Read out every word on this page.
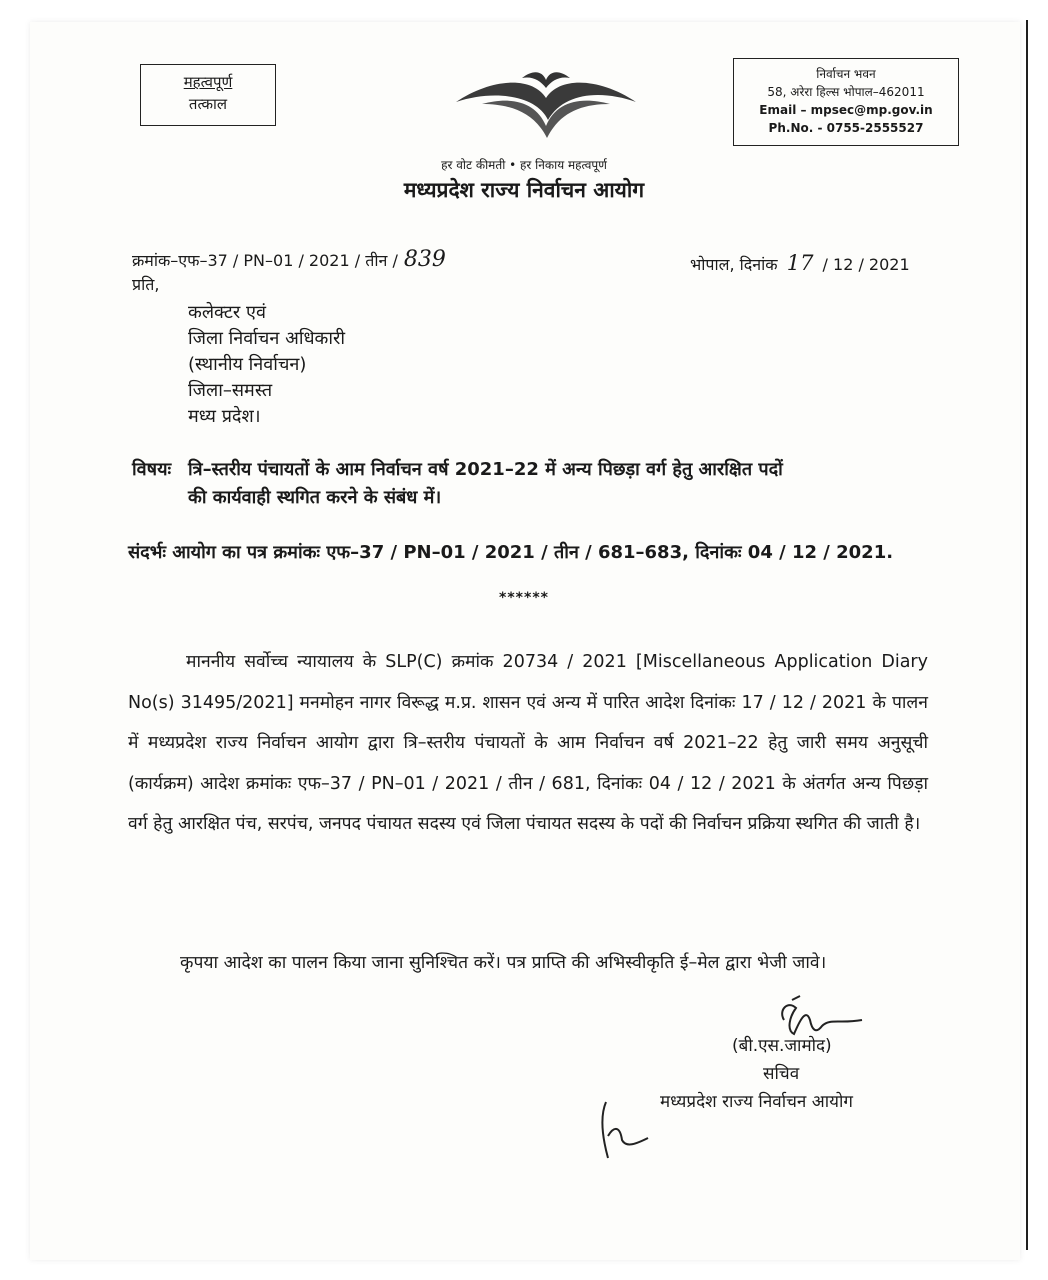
महत्वपूर्ण
तत्काल
निर्वाचन भवन
58, अरेरा हिल्स भोपाल–462011
Email – mpsec@mp.gov.in
Ph.No. - 0755-2555527
हर वोट कीमती • हर निकाय महत्वपूर्ण
मध्यप्रदेश राज्य निर्वाचन आयोग
क्रमांक–एफ–37 / PN–01 / 2021 / तीन / 839	भोपाल, दिनांक 17 / 12 / 2021
प्रति,
कलेक्टर एवं
जिला निर्वाचन अधिकारी
(स्थानीय निर्वाचन)
जिला–समस्त
मध्य प्रदेश।
विषयः त्रि–स्तरीय पंचायतों के आम निर्वाचन वर्ष 2021–22 में अन्य पिछड़ा वर्ग हेतु आरक्षित पदों
की कार्यवाही स्थगित करने के संबंध में।
संदर्भः आयोग का पत्र क्रमांकः एफ–37 / PN–01 / 2021 / तीन / 681–683, दिनांकः 04 / 12 / 2021.
******
माननीय सर्वोच्च न्यायालय के SLP(C) क्रमांक 20734 / 2021 [Miscellaneous Application Diary No(s) 31495/2021] मनमोहन नागर विरूद्ध म.प्र. शासन एवं अन्य में पारित आदेश दिनांकः 17 / 12 / 2021 के पालन में मध्यप्रदेश राज्य निर्वाचन आयोग द्वारा त्रि–स्तरीय पंचायतों के आम निर्वाचन वर्ष 2021–22 हेतु जारी समय अनुसूची (कार्यक्रम) आदेश क्रमांकः एफ–37 / PN–01 / 2021 / तीन / 681, दिनांकः 04 / 12 / 2021 के अंतर्गत अन्य पिछड़ा वर्ग हेतु आरक्षित पंच, सरपंच, जनपद पंचायत सदस्य एवं जिला पंचायत सदस्य के पदों की निर्वाचन प्रक्रिया स्थगित की जाती है।
कृपया आदेश का पालन किया जाना सुनिश्चित करें। पत्र प्राप्ति की अभिस्वीकृति ई–मेल द्वारा भेजी जावे।
(बी.एस.जामोद)
सचिव
मध्यप्रदेश राज्य निर्वाचन आयोग
